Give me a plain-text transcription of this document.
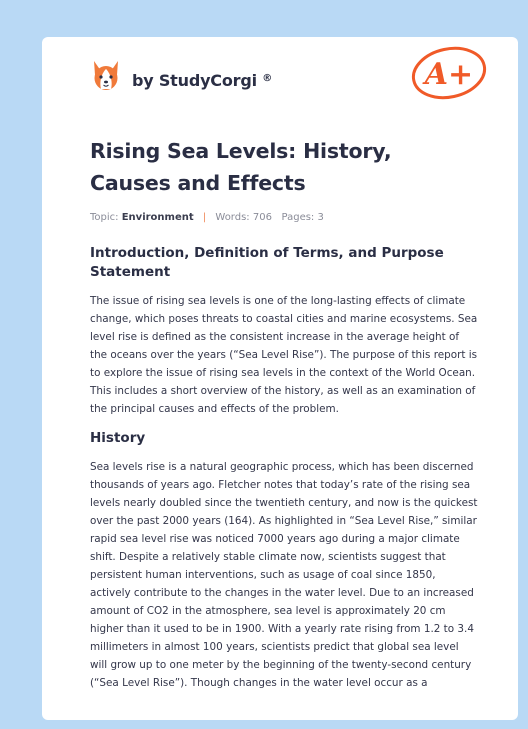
by StudyCorgi ®	A+
Rising Sea Levels: History, Causes and Effects
Topic: Environment | Words: 706 Pages: 3
Introduction, Definition of Terms, and Purpose Statement

The issue of rising sea levels is one of the long-lasting effects of climate change, which poses threats to coastal cities and marine ecosystems. Sea level rise is defined as the consistent increase in the average height of the oceans over the years (“Sea Level Rise”). The purpose of this report is to explore the issue of rising sea levels in the context of the World Ocean. This includes a short overview of the history, as well as an examination of the principal causes and effects of the problem.

History

Sea levels rise is a natural geographic process, which has been discerned thousands of years ago. Fletcher notes that today’s rate of the rising sea levels nearly doubled since the twentieth century, and now is the quickest over the past 2000 years (164). As highlighted in “Sea Level Rise,” similar rapid sea level rise was noticed 7000 years ago during a major climate shift. Despite a relatively stable climate now, scientists suggest that persistent human interventions, such as usage of coal since 1850, actively contribute to the changes in the water level. Due to an increased amount of CO2 in the atmosphere, sea level is approximately 20 cm higher than it used to be in 1900. With a yearly rate rising from 1.2 to 3.4 millimeters in almost 100 years, scientists predict that global sea level will grow up to one meter by the beginning of the twenty-second century (“Sea Level Rise”). Though changes in the water level occur as a
